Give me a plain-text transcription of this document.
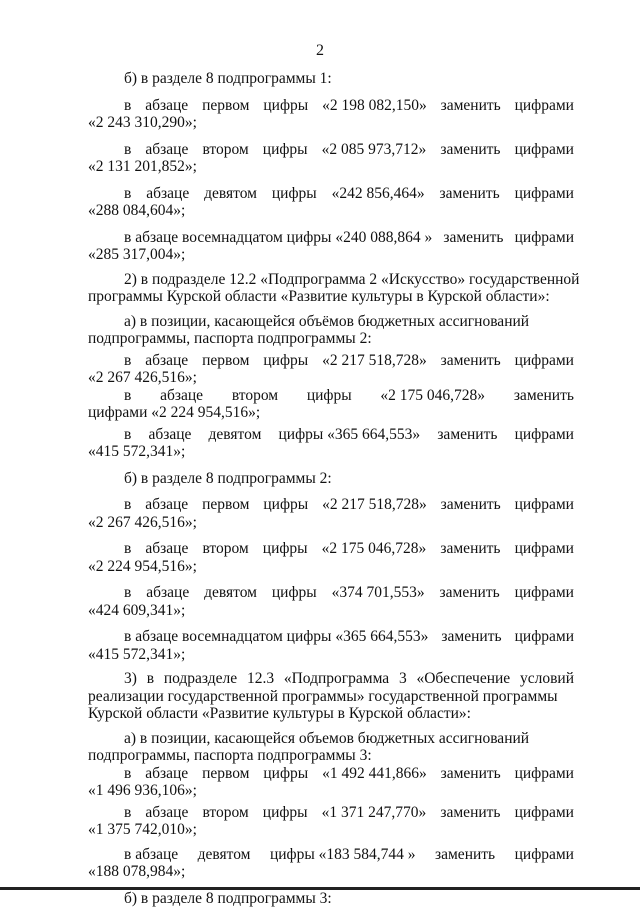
2

б) в разделе 8 подпрограммы 1:

в абзаце первом цифры «2 198 082,150» заменить цифрами

«2 243 310,290»;

в абзаце втором цифры «2 085 973,712» заменить цифрами

«2 131 201,852»;

в абзаце девятом цифры «242 856,464» заменить цифрами

«288 084,604»;

в абзаце восемнадцатом цифры «240 088,864 » заменить цифрами

«285 317,004»;

2) в подразделе 12.2 «Подпрограмма 2 «Искусство» государственной

программы Курской области «Развитие культуры в Курской области»:

а) в позиции, касающейся объёмов бюджетных ассигнований

подпрограммы, паспорта подпрограммы 2:

в абзаце первом цифры «2 217 518,728» заменить цифрами

«2 267 426,516»;

в абзаце втором цифры «2 175 046,728» заменить

цифрами «2 224 954,516»;

в абзаце девятом цифры «365 664,553» заменить цифрами

«415 572,341»;

б) в разделе 8 подпрограммы 2:

в абзаце первом цифры «2 217 518,728» заменить цифрами

«2 267 426,516»;

в абзаце втором цифры «2 175 046,728» заменить цифрами

«2 224 954,516»;

в абзаце девятом цифры «374 701,553» заменить цифрами

«424 609,341»;

в абзаце восемнадцатом цифры «365 664,553» заменить цифрами

«415 572,341»;

3) в подразделе 12.3 «Подпрограмма 3 «Обеспечение условий

реализации государственной программы» государственной программы

Курской области «Развитие культуры в Курской области»:

а) в позиции, касающейся объемов бюджетных ассигнований

подпрограммы, паспорта подпрограммы 3:

в абзаце первом цифры «1 492 441,866» заменить цифрами

«1 496 936,106»;

в абзаце втором цифры «1 371 247,770» заменить цифрами

«1 375 742,010»;

в абзаце девятом цифры «183 584,744 » заменить цифрами

«188 078,984»;

б) в разделе 8 подпрограммы 3:
